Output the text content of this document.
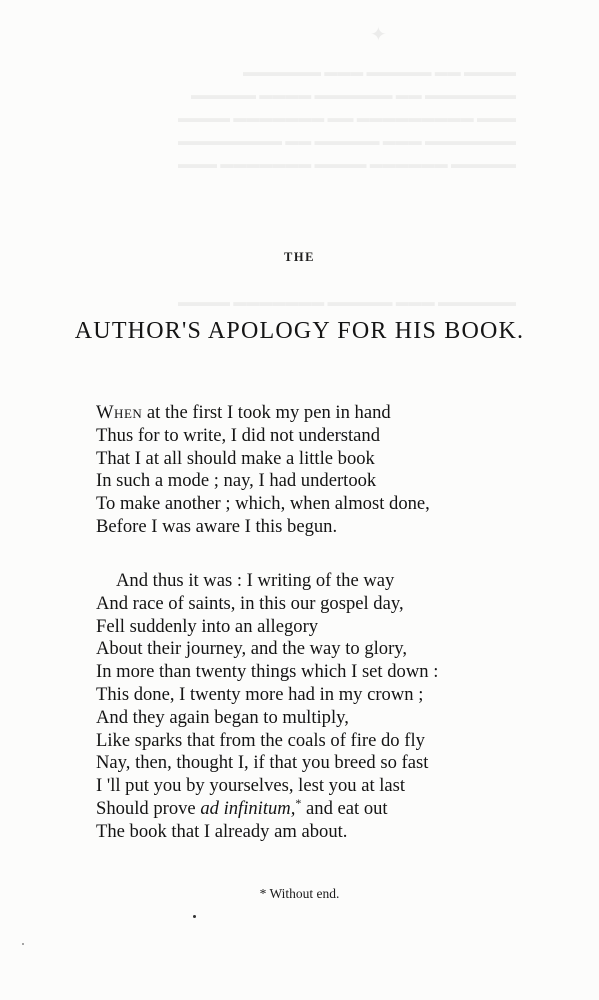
✦
▬▬▬▬ ▬▬ ▬▬▬▬▬ ▬▬▬ ▬▬▬▬▬▬
▬▬▬▬▬▬▬ ▬▬ ▬▬▬▬▬▬ ▬▬▬▬ ▬▬▬▬▬
▬▬▬ ▬▬▬▬▬▬▬▬▬ ▬▬ ▬▬▬▬▬▬▬ ▬▬▬▬
▬▬▬▬▬▬▬ ▬▬▬ ▬▬▬▬▬ ▬▬ ▬▬▬▬▬▬▬▬
▬▬▬▬▬ ▬▬▬▬▬▬ ▬▬▬▬ ▬▬▬▬▬▬▬ ▬▬▬
▬▬▬▬▬▬ ▬▬▬ ▬▬▬▬▬ ▬▬▬▬▬▬▬ ▬▬▬▬
THE
AUTHOR'S APOLOGY FOR HIS BOOK.
When at the first I took my pen in hand
Thus for to write, I did not understand
That I at all should make a little book
In such a mode ; nay, I had undertook
To make another ; which, when almost done,
Before I was aware I this begun.
And thus it was : I writing of the way
And race of saints, in this our gospel day,
Fell suddenly into an allegory
About their journey, and the way to glory,
In more than twenty things which I set down :
This done, I twenty more had in my crown ;
And they again began to multiply,
Like sparks that from the coals of fire do fly
Nay, then, thought I, if that you breed so fast
I 'll put you by yourselves, lest you at last
Should prove ad infinitum,* and eat out
The book that I already am about.
* Without end.
